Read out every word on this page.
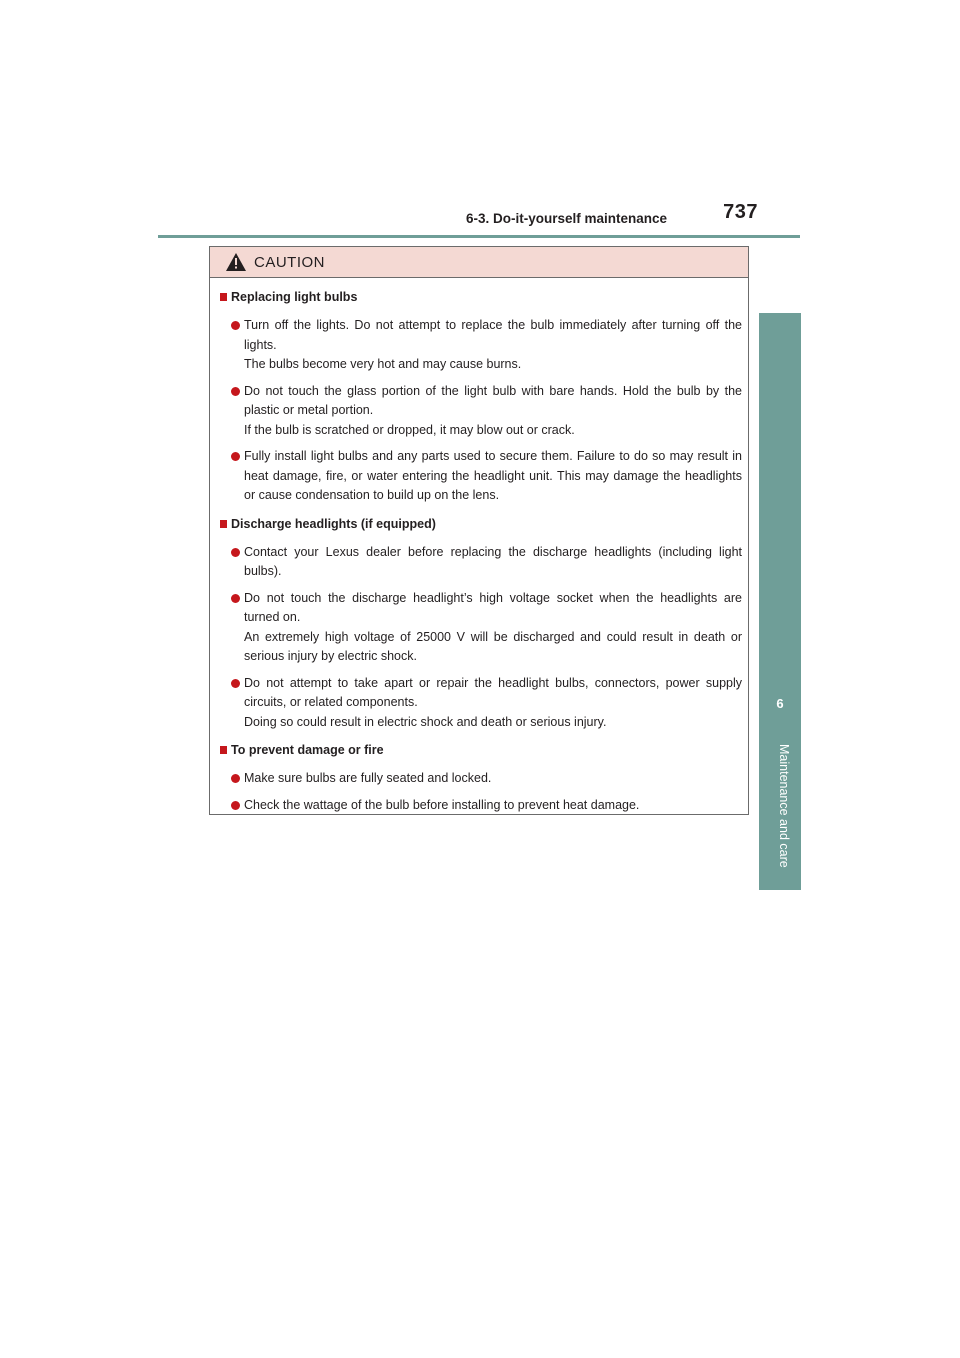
6-3. Do-it-yourself maintenance	737
6
Maintenance and care
CAUTION
Replacing light bulbs

Turn off the lights. Do not attempt to replace the bulb immediately after turning off the lights.

The bulbs become very hot and may cause burns.

Do not touch the glass portion of the light bulb with bare hands. Hold the bulb by the plastic or metal portion.

If the bulb is scratched or dropped, it may blow out or crack.

Fully install light bulbs and any parts used to secure them. Failure to do so may result in heat damage, fire, or water entering the headlight unit. This may damage the headlights or cause condensation to build up on the lens.

Discharge headlights (if equipped)

Contact your Lexus dealer before replacing the discharge headlights (including light bulbs).

Do not touch the discharge headlight’s high voltage socket when the headlights are turned on.

An extremely high voltage of 25000 V will be discharged and could result in death or serious injury by electric shock.

Do not attempt to take apart or repair the headlight bulbs, connectors, power supply circuits, or related components.

Doing so could result in electric shock and death or serious injury.

To prevent damage or fire

Make sure bulbs are fully seated and locked.

Check the wattage of the bulb before installing to prevent heat damage.
